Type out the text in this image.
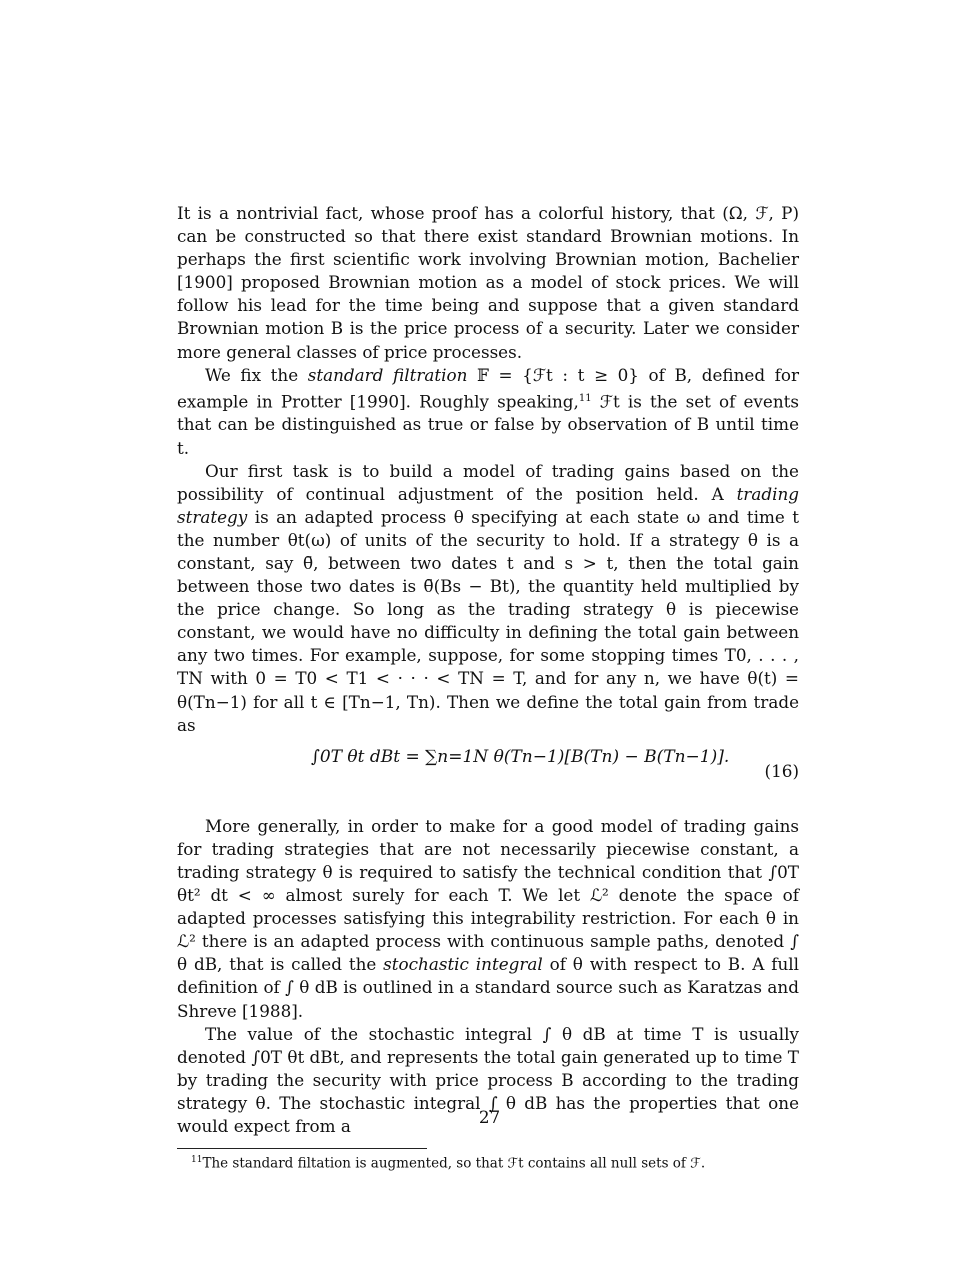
It is a nontrivial fact, whose proof has a colorful history, that (Ω, ℱ, P) can be constructed so that there exist standard Brownian motions. In perhaps the first scientific work involving Brownian motion, Bachelier [1900] proposed Brownian motion as a model of stock prices. We will follow his lead for the time being and suppose that a given standard Brownian motion B is the price process of a security. Later we consider more general classes of price processes.

We fix the standard filtration 𝔽 = {ℱt : t ≥ 0} of B, defined for example in Protter [1990]. Roughly speaking,$^{11}$ ℱt is the set of events that can be distinguished as true or false by observation of B until time t.

Our first task is to build a model of trading gains based on the possibility of continual adjustment of the position held. A trading strategy is an adapted process θ specifying at each state ω and time t the number θt(ω) of units of the security to hold. If a strategy θ is a constant, say θ̄, between two dates t and s > t, then the total gain between those two dates is θ̄(Bs − Bt), the quantity held multiplied by the price change. So long as the trading strategy θ is piecewise constant, we would have no difficulty in defining the total gain between any two times. For example, suppose, for some stopping times T0, . . . , TN with 0 = T0 < T1 < · · · < TN = T, and for any n, we have θ(t) = θ(Tn−1) for all t ∈ [Tn−1, Tn). Then we define the total gain from trade as

∫0T θt dBt = ∑n=1N θ(Tn−1)[B(Tn) − B(Tn−1)].
(16)

More generally, in order to make for a good model of trading gains for trading strategies that are not necessarily piecewise constant, a trading strategy θ is required to satisfy the technical condition that ∫0T θt² dt < ∞ almost surely for each T. We let ℒ² denote the space of adapted processes satisfying this integrability restriction. For each θ in ℒ² there is an adapted process with continuous sample paths, denoted ∫ θ dB, that is called the stochastic integral of θ with respect to B. A full definition of ∫ θ dB is outlined in a standard source such as Karatzas and Shreve [1988].

The value of the stochastic integral ∫ θ dB at time T is usually denoted ∫0T θt dBt, and represents the total gain generated up to time T by trading the security with price process B according to the trading strategy θ. The stochastic integral ∫ θ dB has the properties that one would expect from a

$^{11}$The standard filtation is augmented, so that ℱt contains all null sets of ℱ.

27
